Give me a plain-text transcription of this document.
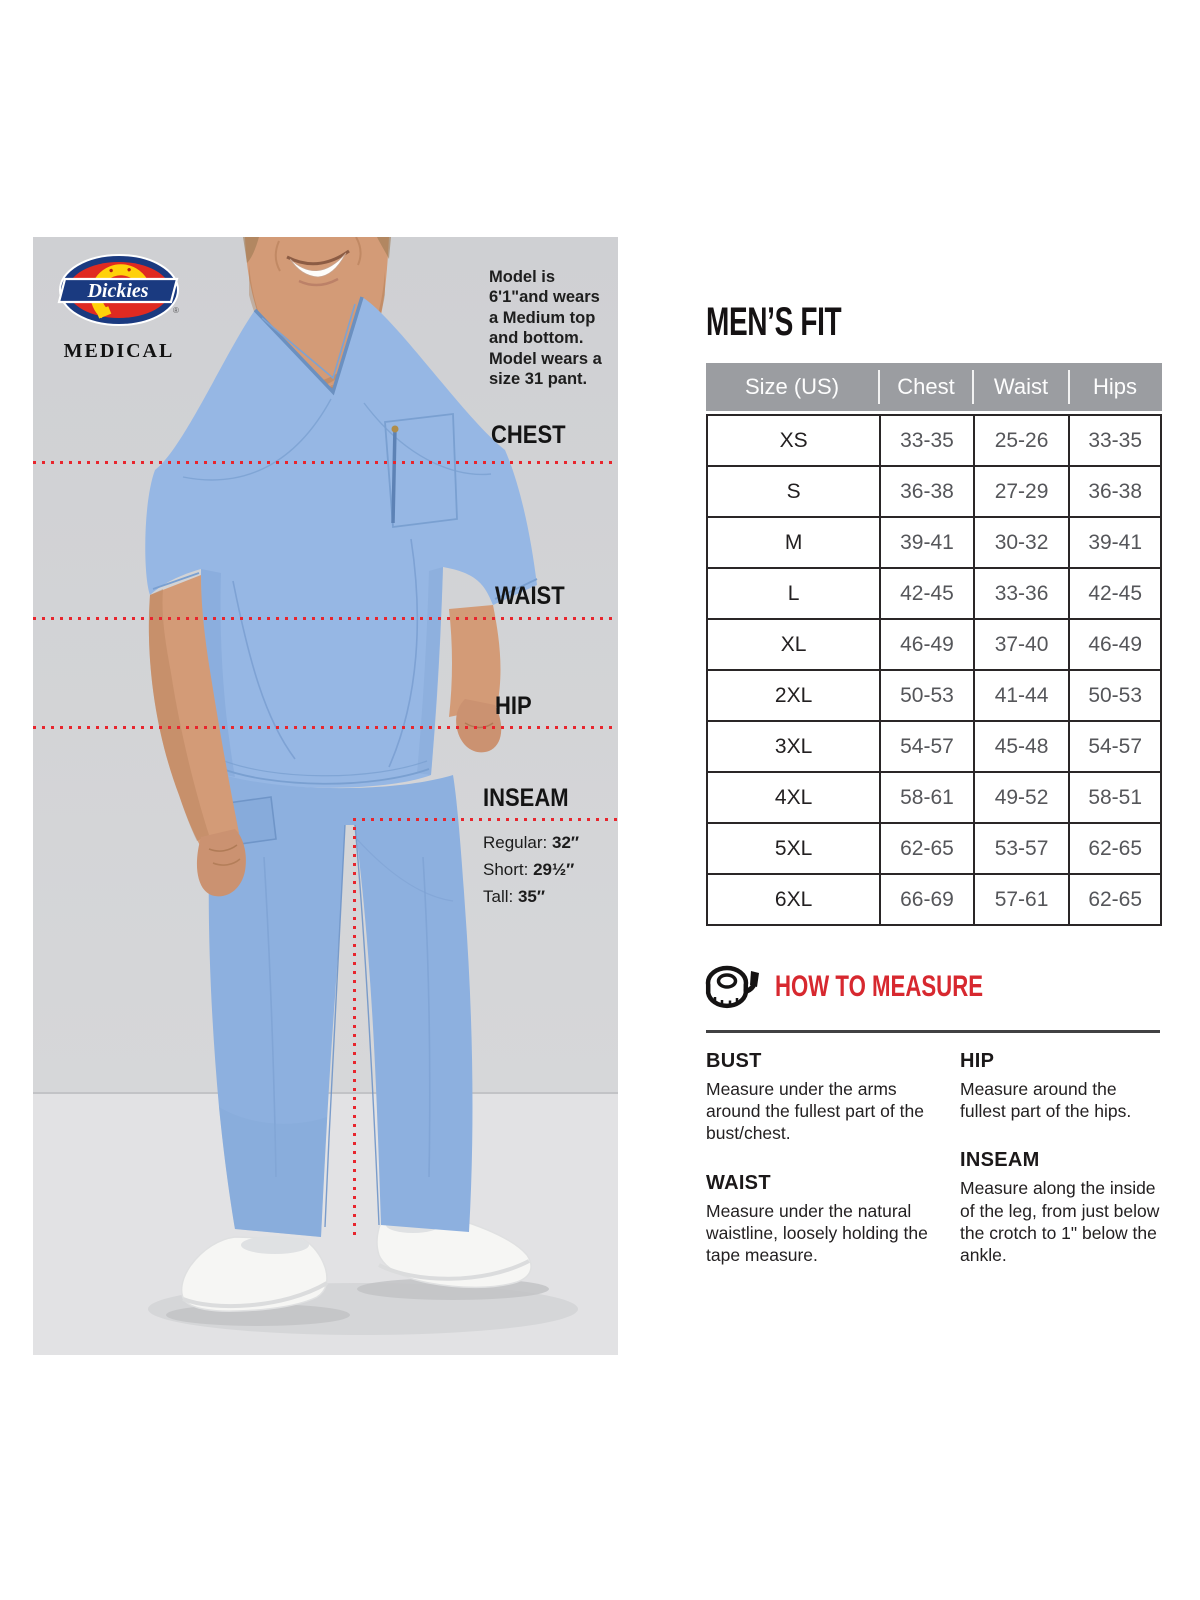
Dickies
®
MEDICAL
Model is 6'1"and wears a Medium top and bottom. Model wears a size 31 pant.
CHEST
WAIST
HIP
INSEAM
Regular: 32″
Short: 29½″
Tall: 35″
MEN’S FIT
Size (US)	Chest	Waist	Hips
XS	33-35	25-26	33-35
S	36-38	27-29	36-38
M	39-41	30-32	39-41
L	42-45	33-36	42-45
XL	46-49	37-40	46-49
2XL	50-53	41-44	50-53
3XL	54-57	45-48	54-57
4XL	58-61	49-52	58-51
5XL	62-65	53-57	62-65
6XL	66-69	57-61	62-65
HOW TO MEASURE
BUST

Measure under the arms around the fullest part of the bust/chest.

WAIST

Measure under the natural waistline, loosely holding the tape measure.

HIP

Measure around the fullest part of the hips.

INSEAM

Measure along the inside of the leg, from just below the crotch to 1" below the ankle.
